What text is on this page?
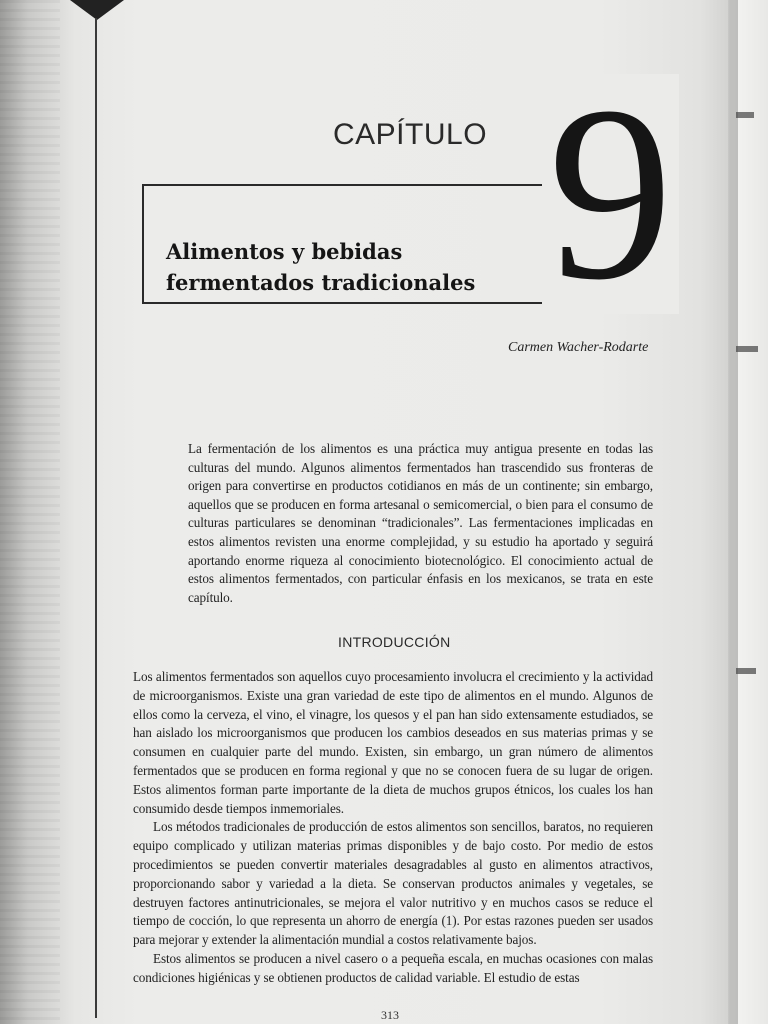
CAPÍTULO 9
Alimentos y bebidas
fermentados tradicionales
Carmen Wacher-Rodarte
La fermentación de los alimentos es una práctica muy antigua presente en todas las culturas del mundo. Algunos alimentos fermentados han trascendido sus fronteras de origen para convertirse en productos cotidianos en más de un continente; sin embargo, aquellos que se producen en forma artesanal o semicomercial, o bien para el consumo de culturas particulares se denominan “tradicionales”. Las fermentaciones implicadas en estos alimentos revisten una enorme complejidad, y su estudio ha aportado y seguirá aportando enorme riqueza al conocimiento biotecnológico. El conocimiento actual de estos alimentos fermentados, con particular énfasis en los mexicanos, se trata en este capítulo.
INTRODUCCIÓN

Los alimentos fermentados son aquellos cuyo procesamiento involucra el crecimiento y la actividad de microorganismos. Existe una gran variedad de este tipo de alimentos en el mundo. Algunos de ellos como la cerveza, el vino, el vinagre, los quesos y el pan han sido extensamente estudiados, se han aislado los microorganismos que producen los cambios deseados en sus materias primas y se consumen en cualquier parte del mundo. Existen, sin embargo, un gran número de alimentos fermentados que se producen en forma regional y que no se conocen fuera de su lugar de origen. Estos alimentos forman parte importante de la dieta de muchos grupos étnicos, los cuales los han consumido desde tiempos inmemoriales.

Los métodos tradicionales de producción de estos alimentos son sencillos, baratos, no requieren equipo complicado y utilizan materias primas disponibles y de bajo costo. Por medio de estos procedimientos se pueden convertir materiales desagradables al gusto en alimentos atractivos, proporcionando sabor y variedad a la dieta. Se conservan productos animales y vegetales, se destruyen factores antinutricionales, se mejora el valor nutritivo y en muchos casos se reduce el tiempo de cocción, lo que representa un ahorro de energía (1). Por estas razones pueden ser usados para mejorar y extender la alimentación mundial a costos relativamente bajos.

Estos alimentos se producen a nivel casero o a pequeña escala, en muchas ocasiones con malas condiciones higiénicas y se obtienen productos de calidad variable. El estudio de estas

313
